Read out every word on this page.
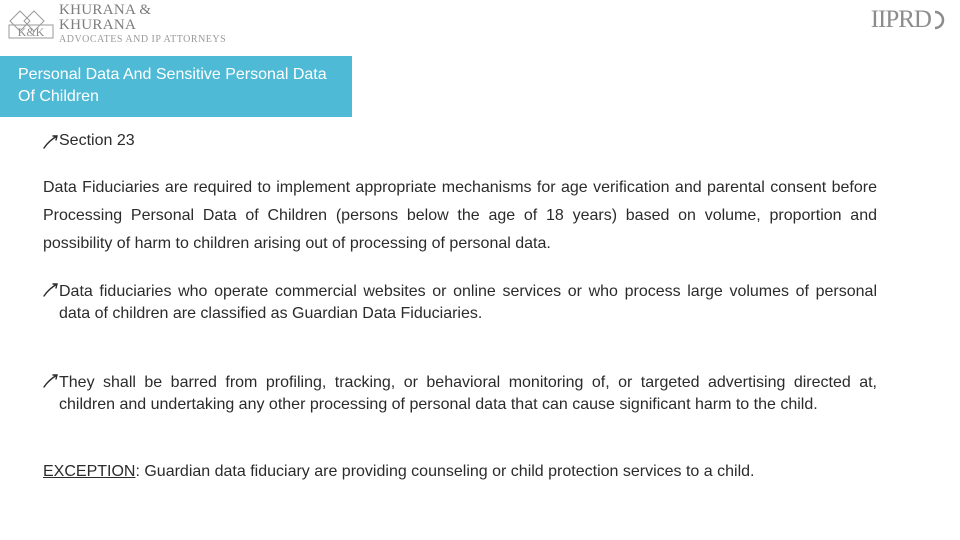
K&K
KHURANA & KHURANA
ADVOCATES AND IP ATTORNEYS
IIPRD
Personal Data And Sensitive Personal Data Of Children
Section 23

Data Fiduciaries are required to implement appropriate mechanisms for age verification and parental consent before Processing Personal Data of Children (persons below the age of 18 years) based on volume, proportion and possibility of harm to children arising out of processing of personal data.

Data fiduciaries who operate commercial websites or online services or who process large volumes of personal data of children are classified as Guardian Data Fiduciaries.

They shall be barred from profiling, tracking, or behavioral monitoring of, or targeted advertising directed at, children and undertaking any other processing of personal data that can cause significant harm to the child.

EXCEPTION: Guardian data fiduciary are providing counseling or child protection services to a child.
